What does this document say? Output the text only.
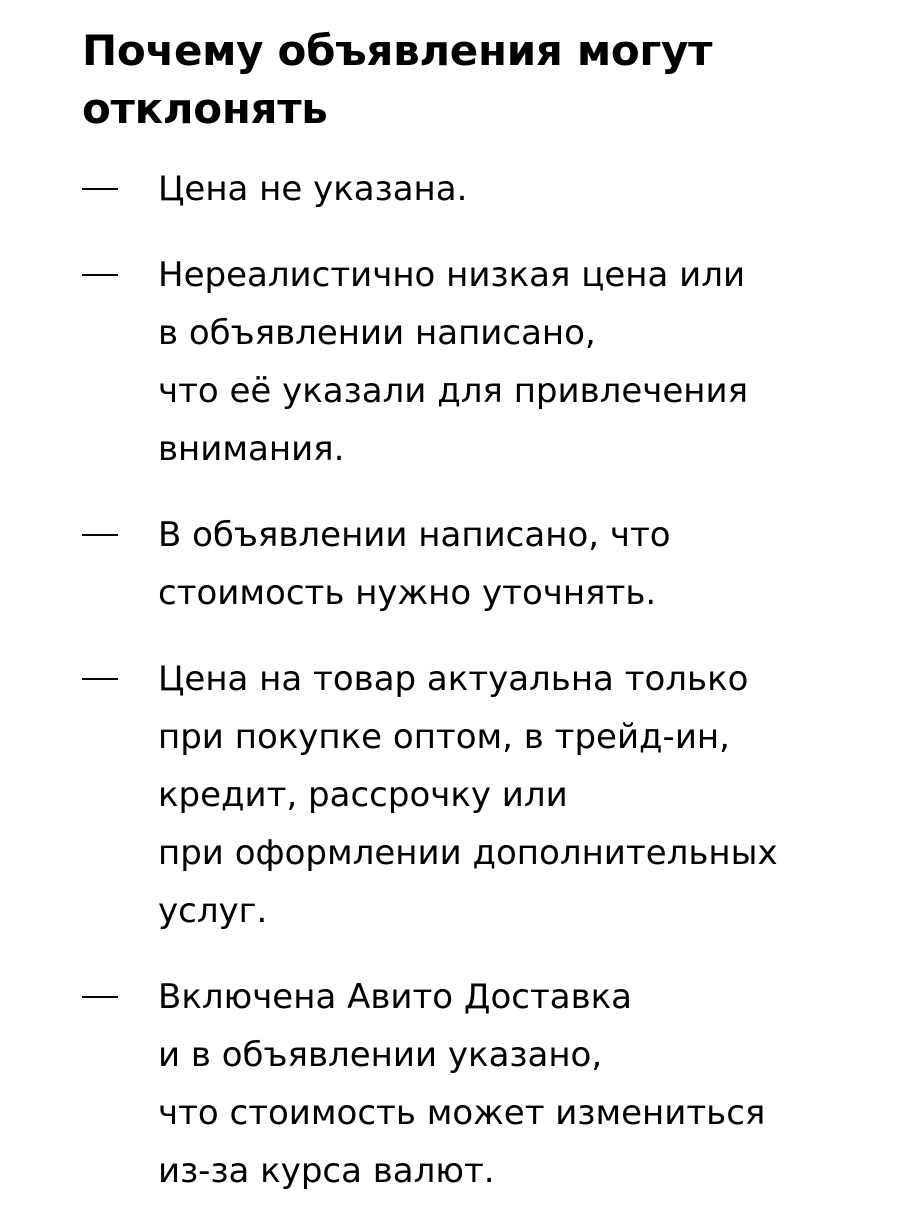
Почему объявления могут
отклонять
Цена не указана.
Нереалистично низкая цена или
в объявлении написано,
что её указали для привлечения
внимания.
В объявлении написано, что
стоимость нужно уточнять.
Цена на товар актуальна только
при покупке оптом, в трейд-ин,
кредит, рассрочку или
при оформлении дополнительных
услуг.
Включена Авито Доставка
и в объявлении указано,
что стоимость может измениться
из-за курса валют.
